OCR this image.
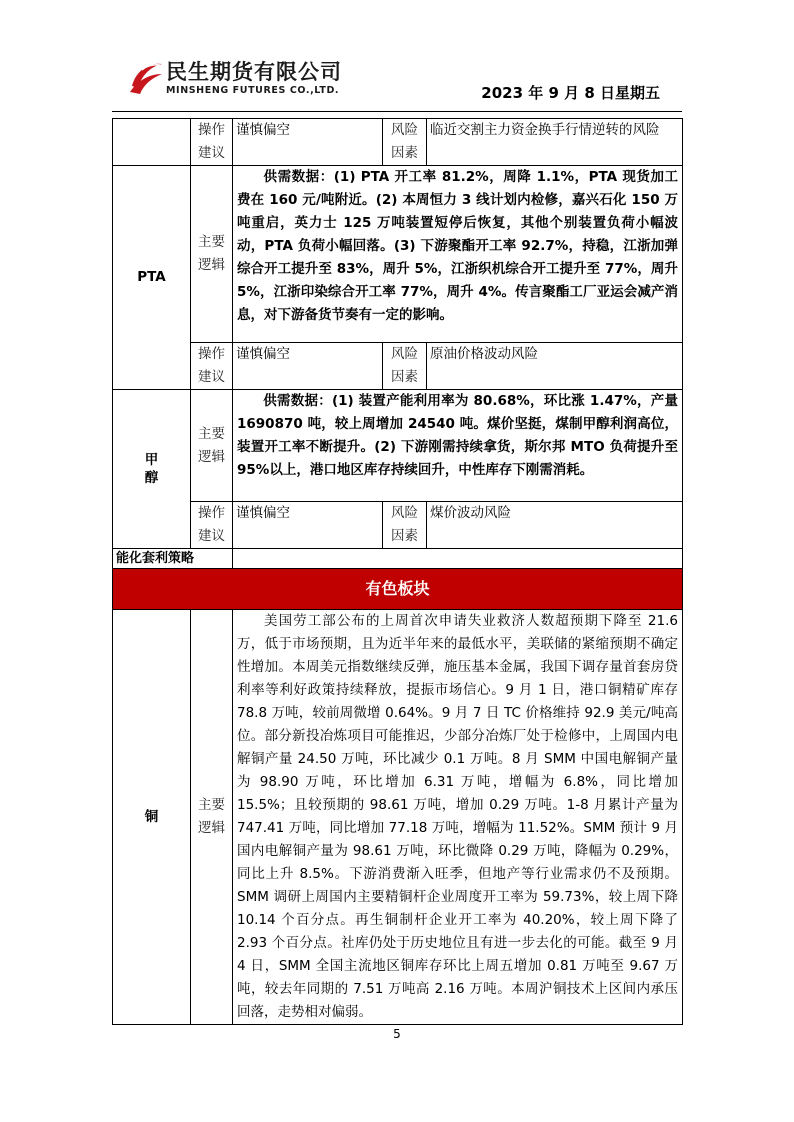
民生期货有限公司
MINSHENG FUTURES CO.,LTD.	2023 年 9 月 8 日星期五
	操作建议	谨慎偏空	风险因素	临近交割主力资金换手行情逆转的风险
PTA	主要逻辑	供需数据：(1) PTA 开工率 81.2%，周降 1.1%，PTA 现货加工费在 160 元/吨附近。(2) 本周恒力 3 线计划内检修，嘉兴石化 150 万吨重启，英力士 125 万吨装置短停后恢复，其他个别装置负荷小幅波动，PTA 负荷小幅回落。(3) 下游聚酯开工率 92.7%，持稳，江浙加弹综合开工提升至 83%，周升 5%，江浙织机综合开工提升至 77%，周升 5%，江浙印染综合开工率 77%，周升 4%。传言聚酯工厂亚运会减产消息，对下游备货节奏有一定的影响。		
	操作建议	谨慎偏空	风险因素	原油价格波动风险

甲醇	主要逻辑	供需数据：(1) 装置产能利用率为 80.68%，环比涨 1.47%，产量 1690870 吨，较上周增加 24540 吨。煤价坚挺，煤制甲醇利润高位，装置开工率不断提升。(2) 下游刚需持续拿货，斯尔邦 MTO 负荷提升至 95%以上，港口地区库存持续回升，中性库存下刚需消耗。		
	操作建议	谨慎偏空	风险因素	煤价波动风险
能化套利策略				
有色板块				
铜	主要逻辑	美国劳工部公布的上周首次申请失业救济人数超预期下降至 21.6 万，低于市场预期，且为近半年来的最低水平，美联储的紧缩预期不确定性增加。本周美元指数继续反弹，施压基本金属，我国下调存量首套房贷利率等利好政策持续释放，提振市场信心。9 月 1 日，港口铜精矿库存 78.8 万吨，较前周微增 0.64%。9 月 7 日 TC 价格维持 92.9 美元/吨高位。部分新投冶炼项目可能推迟，少部分冶炼厂处于检修中，上周国内电解铜产量 24.50 万吨，环比减少 0.1 万吨。8 月 SMM 中国电解铜产量为 98.90 万吨，环比增加 6.31 万吨，增幅为 6.8%，同比增加 15.5%；且较预期的 98.61 万吨，增加 0.29 万吨。1-8 月累计产量为 747.41 万吨，同比增加 77.18 万吨，增幅为 11.52%。SMM 预计 9 月国内电解铜产量为 98.61 万吨，环比微降 0.29 万吨，降幅为 0.29%，同比上升 8.5%。下游消费渐入旺季，但地产等行业需求仍不及预期。SMM 调研上周国内主要精铜杆企业周度开工率为 59.73%，较上周下降 10.14 个百分点。再生铜制杆企业开工率为 40.20%，较上周下降了 2.93 个百分点。社库仍处于历史地位且有进一步去化的可能。截至 9 月 4 日，SMM 全国主流地区铜库存环比上周五增加 0.81 万吨至 9.67 万吨，较去年同期的 7.51 万吨高 2.16 万吨。本周沪铜技术上区间内承压回落，走势相对偏弱。		
5
